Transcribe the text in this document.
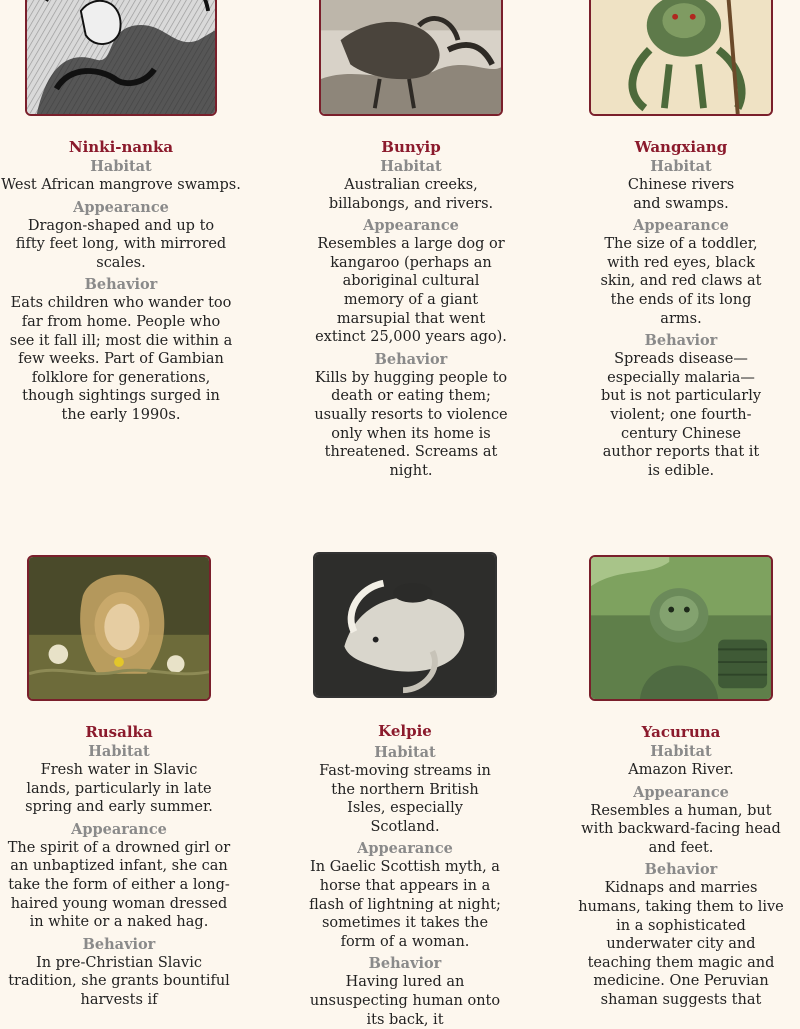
Ninki-nanka
Habitat
West African mangrove swamps.
Appearance
Dragon-shaped and up to fifty feet long, with mirrored scales.
Behavior
Eats children who wander too far from home. People who see it fall ill; most die within a few weeks. Part of Gambian folklore for generations, though sightings surged in the early 1990s.
Bunyip
Habitat
Australian creeks, billabongs, and rivers.
Appearance
Resembles a large dog or kangaroo (perhaps an aboriginal cultural memory of a giant marsupial that went extinct 25,000 years ago).
Behavior
Kills by hugging people to death or eating them; usually resorts to violence only when its home is threatened. Screams at night.
Wangxiang
Habitat
Chinese rivers and swamps.
Appearance
The size of a toddler, with red eyes, black skin, and red claws at the ends of its long arms.
Behavior
Spreads disease—especially malaria—but is not particularly violent; one fourth-century Chinese author reports that it is edible.
Rusalka
Habitat
Fresh water in Slavic lands, particularly in late spring and early summer.
Appearance
The spirit of a drowned girl or an unbaptized infant, she can take the form of either a long-haired young woman dressed in white or a naked hag.
Behavior
In pre-Christian Slavic tradition, she grants bountiful harvests if
Kelpie
Habitat
Fast-moving streams in the northern British Isles, especially Scotland.
Appearance
In Gaelic Scottish myth, a horse that appears in a flash of lightning at night; sometimes it takes the form of a woman.
Behavior
Having lured an unsuspecting human onto its back, it
Yacuruna
Habitat
Amazon River.
Appearance
Resembles a human, but with backward-facing head and feet.
Behavior
Kidnaps and marries humans, taking them to live in a sophisticated underwater city and teaching them magic and medicine. One Peruvian shaman suggests that
